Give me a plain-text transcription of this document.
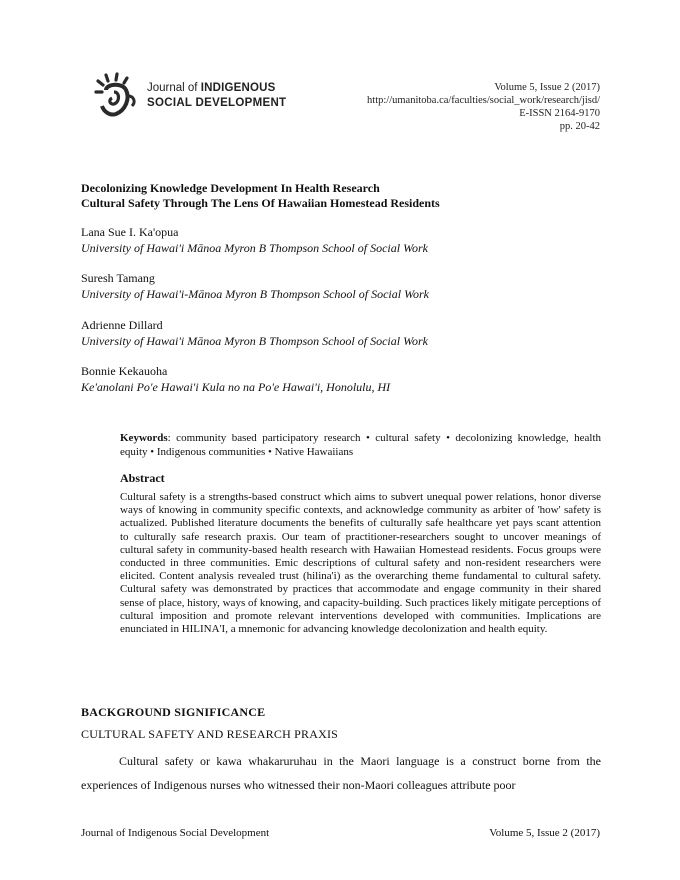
Journal of INDIGENOUS
SOCIAL DEVELOPMENT
Volume 5, Issue 2 (2017)
http://umanitoba.ca/faculties/social_work/research/jisd/
E-ISSN 2164-9170
pp. 20-42
Decolonizing Knowledge Development In Health Research
Cultural Safety Through The Lens Of Hawaiian Homestead Residents
Lana Sue I. Ka'opua
University of Hawai'i Mānoa Myron B Thompson School of Social Work
Suresh Tamang
University of Hawai'i-Mānoa Myron B Thompson School of Social Work
Adrienne Dillard
University of Hawai'i Mānoa Myron B Thompson School of Social Work
Bonnie Kekauoha
Ke'anolani Po'e Hawai'i Kula no na Po'e Hawai'i, Honolulu, HI
Keywords: community based participatory research • cultural safety • decolonizing knowledge, health equity • Indigenous communities • Native Hawaiians
Abstract

Cultural safety is a strengths-based construct which aims to subvert unequal power relations, honor diverse ways of knowing in community specific contexts, and acknowledge community as arbiter of 'how' safety is actualized. Published literature documents the benefits of culturally safe healthcare yet pays scant attention to culturally safe research praxis. Our team of practitioner-researchers sought to uncover meanings of cultural safety in community-based health research with Hawaiian Homestead residents. Focus groups were conducted in three communities. Emic descriptions of cultural safety and non-resident researchers were elicited. Content analysis revealed trust (hilina'i) as the overarching theme fundamental to cultural safety. Cultural safety was demonstrated by practices that accommodate and engage community in their shared sense of place, history, ways of knowing, and capacity-building. Such practices likely mitigate perceptions of cultural imposition and promote relevant interventions developed with communities. Implications are enunciated in HILINA'I, a mnemonic for advancing knowledge decolonization and health equity.

BACKGROUND SIGNIFICANCE
CULTURAL SAFETY AND RESEARCH PRAXIS

Cultural safety or kawa whakaruruhau in the Maori language is a construct borne from the experiences of Indigenous nurses who witnessed their non-Maori colleagues attribute poor

Journal of Indigenous Social Development	Volume 5, Issue 2 (2017)
